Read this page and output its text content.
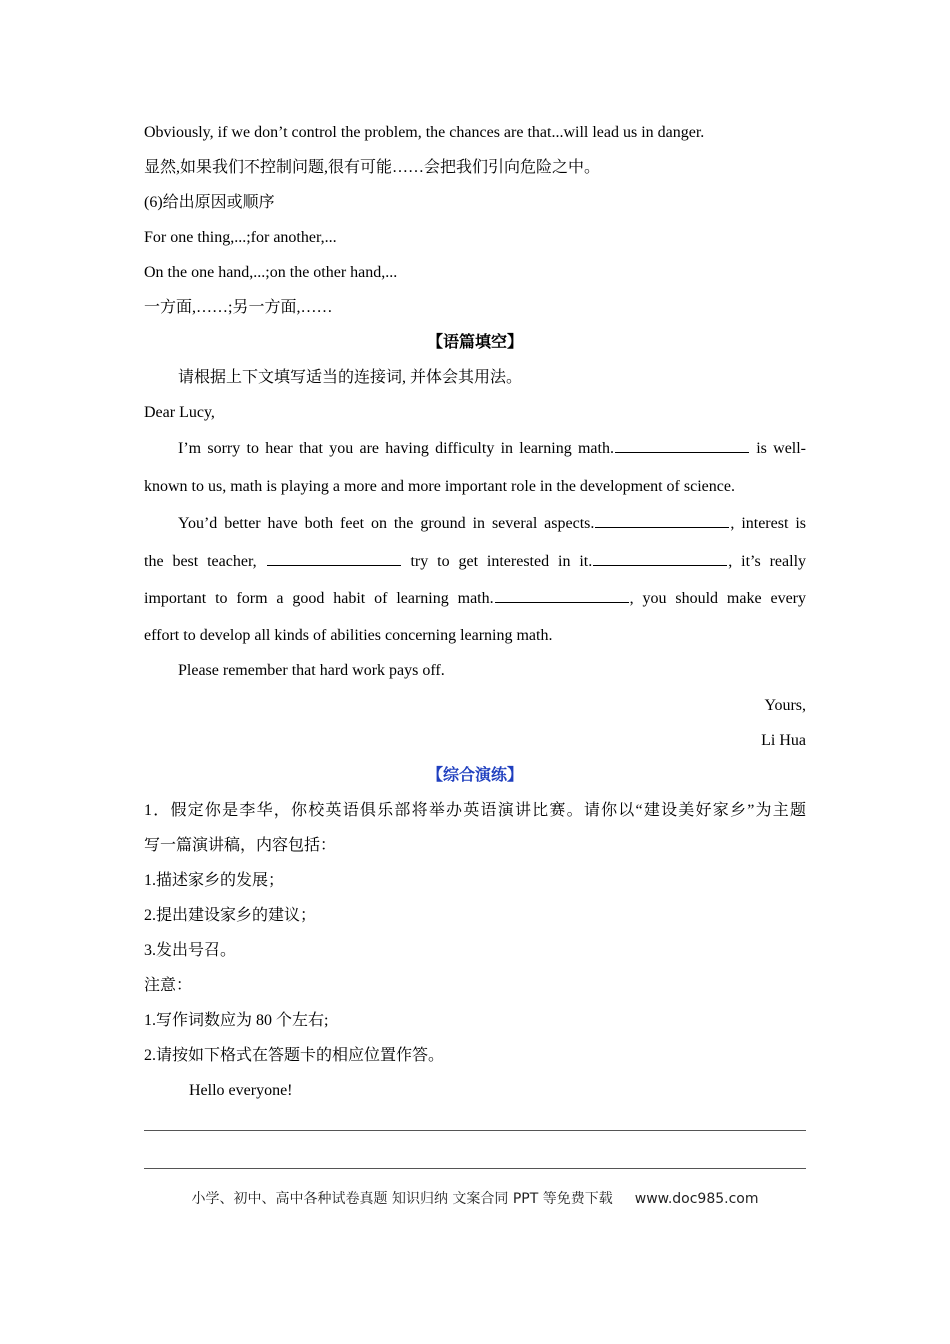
Obviously, if we don’t control the problem, the chances are that...will lead us in danger.
显然,如果我们不控制问题,很有可能……会把我们引向危险之中。
(6)给出原因或顺序
For one thing,...;for another,...
On the one hand,...;on the other hand,...
一方面,……;另一方面,……
【语篇填空】
请根据上下文填写适当的连接词, 并体会其用法。
Dear Lucy,
I’m sorry to hear that you are having difficulty in learning math.	is well-
known to us, math is playing a more and more important role in the development of science.
You’d better have both feet on the ground in several aspects.	, interest is
the best teacher,	try to get interested in it.	, it’s really
important to form a good habit of learning math.	, you should make every
effort to develop all kinds of abilities concerning learning math.
Please remember that hard work pays off.
Yours,
Li Hua
【综合演练】
1．假定你是李华，你校英语俱乐部将举办英语演讲比赛。请你以“建设美好家乡”为主题
写一篇演讲稿，内容包括：
1.描述家乡的发展；
2.提出建设家乡的建议；
3.发出号召。
注意：
1.写作词数应为 80 个左右;
2.请按如下格式在答题卡的相应位置作答。
Hello everyone!
小学、初中、高中各种试卷真题 知识归纳 文案合同 PPT 等免费下载 www.doc985.com
